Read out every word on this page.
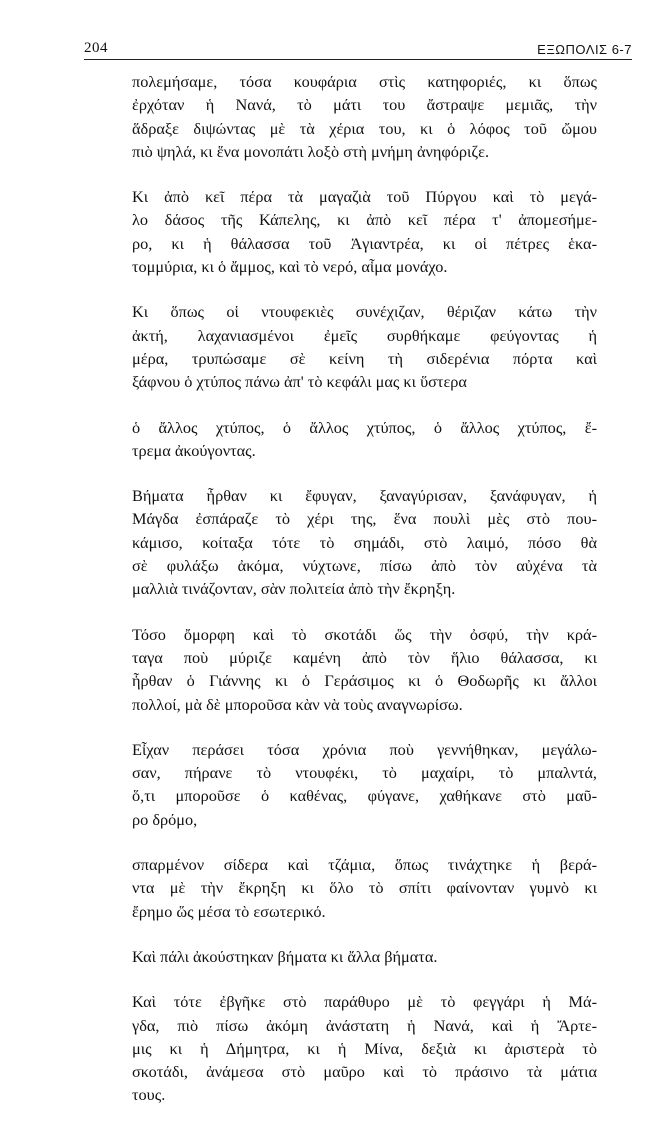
204	ΕΞΩΠΟΛΙΣ 6-7

πολεμήσαμε, τόσα κουφάρια στὶς κατηφοριές, κι ὅπως
ἐρχόταν ἡ Νανά, τὸ μάτι του ἄστραψε μεμιᾶς, τὴν
ἅδραξε διψώντας μὲ τὰ χέρια του, κι ὁ λόφος τοῦ ὤμου
πιὸ ψηλά, κι ἕνα μονοπάτι λοξὸ στὴ μνήμη ἀνηφόριζε.

Κι ἀπὸ κεῖ πέρα τὰ μαγαζιὰ τοῦ Πύργου καὶ τὸ μεγά-
λο δάσος τῆς Κάπελης, κι ἀπὸ κεῖ πέρα τ' ἀπομεσήμε-
ρο, κι ἡ θάλασσα τοῦ Ἀγιαντρέα, κι οἱ πέτρες ἑκα-
τομμύρια, κι ὁ ἄμμος, καὶ τὸ νερό, αἷμα μονάχο.

Κι ὅπως οἱ ντουφεκιὲς συνέχιζαν, θέριζαν κάτω τὴν
ἀκτή, λαχανιασμένοι ἐμεῖς συρθήκαμε φεύγοντας ἡ
μέρα, τρυπώσαμε σὲ κείνη τὴ σιδερένια πόρτα καὶ
ξάφνου ὁ χτύπος πάνω ἀπ' τὸ κεφάλι μας κι ὕστερα

ὁ ἄλλος χτύπος, ὁ ἄλλος χτύπος, ὁ ἄλλος χτύπος, ἔ-
τρεμα ἀκούγοντας.

Βήματα ἦρθαν κι ἔφυγαν, ξαναγύρισαν, ξανάφυγαν, ἡ
Μάγδα ἐσπάραζε τὸ χέρι της, ἕνα πουλὶ μὲς στὸ που-
κάμισο, κοίταξα τότε τὸ σημάδι, στὸ λαιμό, πόσο θὰ
σὲ φυλάξω ἀκόμα, νύχτωνε, πίσω ἀπὸ τὸν αὐχένα τὰ
μαλλιὰ τινάζονταν, σὰν πολιτεία ἀπὸ τὴν ἔκρηξη.

Τόσο ὄμορφη καὶ τὸ σκοτάδι ὥς τὴν ὀσφύ, τὴν κρά-
ταγα ποὺ μύριζε καμένη ἀπὸ τὸν ἥλιο θάλασσα, κι
ἦρθαν ὁ Γιάννης κι ὁ Γεράσιμος κι ὁ Θοδωρῆς κι ἄλλοι
πολλοί, μὰ δὲ μποροῦσα κὰν νὰ τοὺς αναγνωρίσω.

Εἶχαν περάσει τόσα χρόνια ποὺ γεννήθηκαν, μεγάλω-
σαν, πήρανε τὸ ντουφέκι, τὸ μαχαίρι, τὸ μπαλντά,
ὅ,τι μποροῦσε ὁ καθένας, φύγανε, χαθήκανε στὸ μαῦ-
ρο δρόμο,

σπαρμένον σίδερα καὶ τζάμια, ὅπως τινάχτηκε ἡ βερά-
ντα μὲ τὴν ἔκρηξη κι ὅλο τὸ σπίτι φαίνονταν γυμνὸ κι
ἔρημο ὥς μέσα τὸ εσωτερικό.

Καὶ πάλι ἀκούστηκαν βήματα κι ἄλλα βήματα.

Καὶ τότε ἐβγῆκε στὸ παράθυρο μὲ τὸ φεγγάρι ἡ Μά-
γδα, πιὸ πίσω ἀκόμη ἀνάστατη ἡ Νανά, καὶ ἡ Ἄρτε-
μις κι ἡ Δήμητρα, κι ἡ Μίνα, δεξιὰ κι ἀριστερὰ τὸ
σκοτάδι, ἀνάμεσα στὸ μαῦρο καὶ τὸ πράσινο τὰ μάτια
τους.
